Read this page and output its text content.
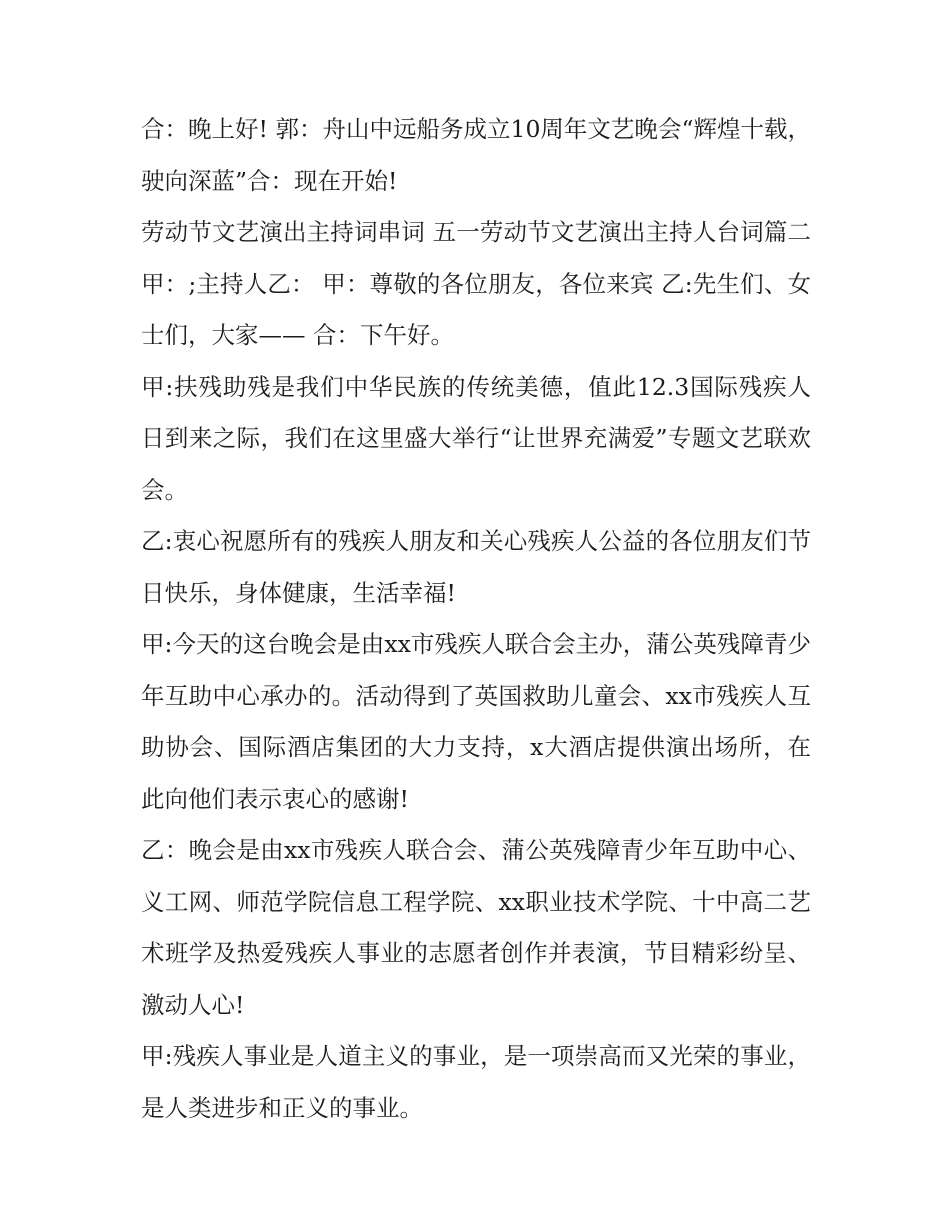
合：晚上好! 郭：舟山中远船务成立10周年文艺晚会“辉煌十载，驶向深蓝”合：现在开始!

劳动节文艺演出主持词串词 五一劳动节文艺演出主持人台词篇二 甲：;主持人乙： 甲：尊敬的各位朋友，各位来宾 乙:先生们、女士们，大家—— 合：下午好。

甲:扶残助残是我们中华民族的传统美德，值此12.3国际残疾人日到来之际，我们在这里盛大举行“让世界充满爱”专题文艺联欢会。

乙:衷心祝愿所有的残疾人朋友和关心残疾人公益的各位朋友们节日快乐，身体健康，生活幸福!

甲:今天的这台晚会是由xx市残疾人联合会主办，蒲公英残障青少年互助中心承办的。活动得到了英国救助儿童会、xx市残疾人互助协会、国际酒店集团的大力支持，x大酒店提供演出场所，在此向他们表示衷心的感谢!

乙：晚会是由xx市残疾人联合会、蒲公英残障青少年互助中心、义工网、师范学院信息工程学院、xx职业技术学院、十中高二艺术班学及热爱残疾人事业的志愿者创作并表演，节目精彩纷呈、激动人心!

甲:残疾人事业是人道主义的事业，是一项崇高而又光荣的事业，是人类进步和正义的事业。
